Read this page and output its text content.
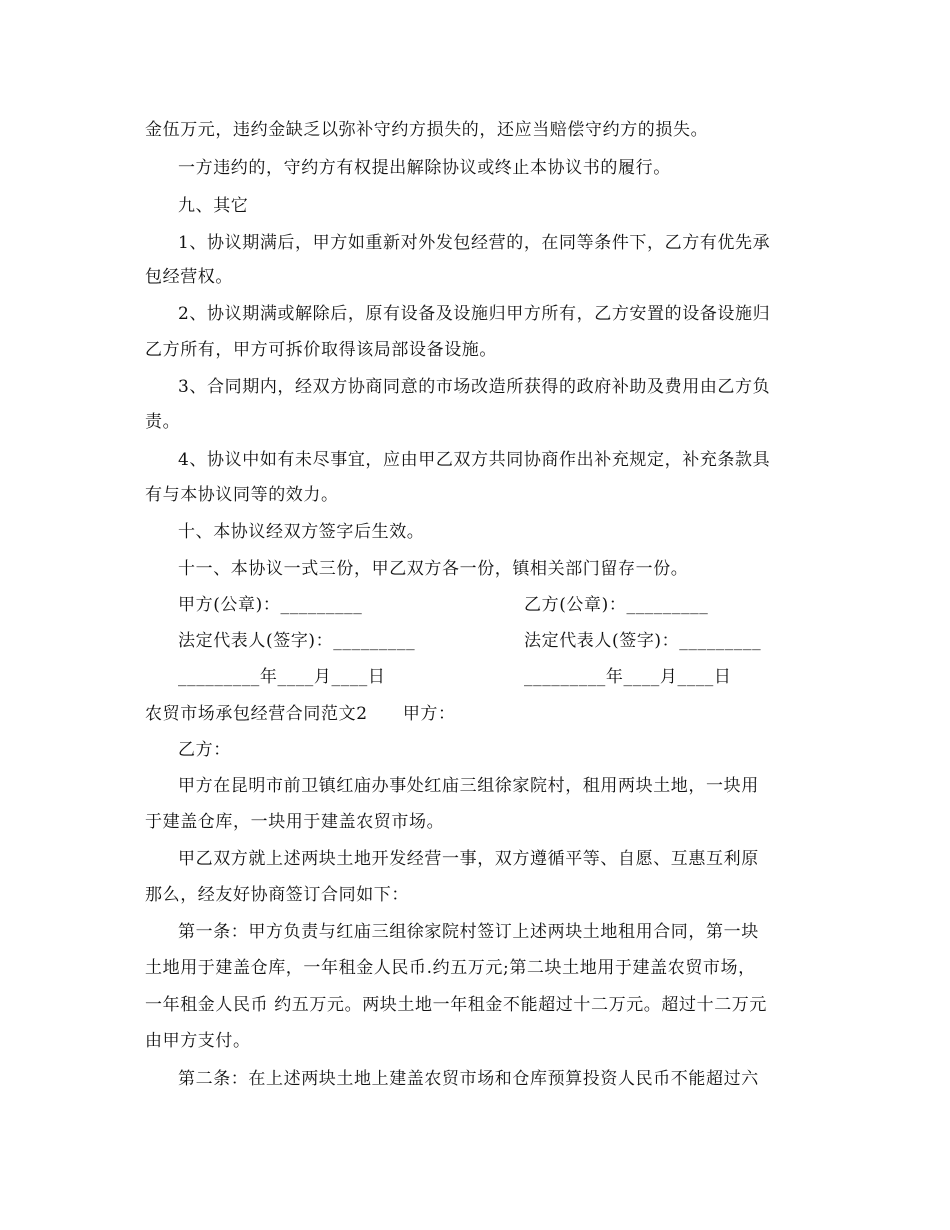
金伍万元，违约金缺乏以弥补守约方损失的，还应当赔偿守约方的损失。
一方违约的，守约方有权提出解除协议或终止本协议书的履行。
九、其它
1、协议期满后，甲方如重新对外发包经营的，在同等条件下，乙方有优先承
包经营权。
2、协议期满或解除后，原有设备及设施归甲方所有，乙方安置的设备设施归
乙方所有，甲方可拆价取得该局部设备设施。
3、合同期内，经双方协商同意的市场改造所获得的政府补助及费用由乙方负
责。
4、协议中如有未尽事宜，应由甲乙双方共同协商作出补充规定，补充条款具
有与本协议同等的效力。
十、本协议经双方签字后生效。
十一、本协议一式三份，甲乙双方各一份，镇相关部门留存一份。
甲方(公章)：_________	乙方(公章)：_________
法定代表人(签字)：_________	法定代表人(签字)：_________
_________年____月____日	_________年____月____日
农贸市场承包经营合同范文2　　甲方：
乙方：
甲方在昆明市前卫镇红庙办事处红庙三组徐家院村，租用两块土地，一块用
于建盖仓库，一块用于建盖农贸市场。
甲乙双方就上述两块土地开发经营一事，双方遵循平等、自愿、互惠互利原
那么，经友好协商签订合同如下：
第一条：甲方负责与红庙三组徐家院村签订上述两块土地租用合同，第一块
土地用于建盖仓库，一年租金人民币.约五万元;第二块土地用于建盖农贸市场，
一年租金人民币 约五万元。两块土地一年租金不能超过十二万元。超过十二万元
由甲方支付。
第二条：在上述两块土地上建盖农贸市场和仓库预算投资人民币不能超过六
